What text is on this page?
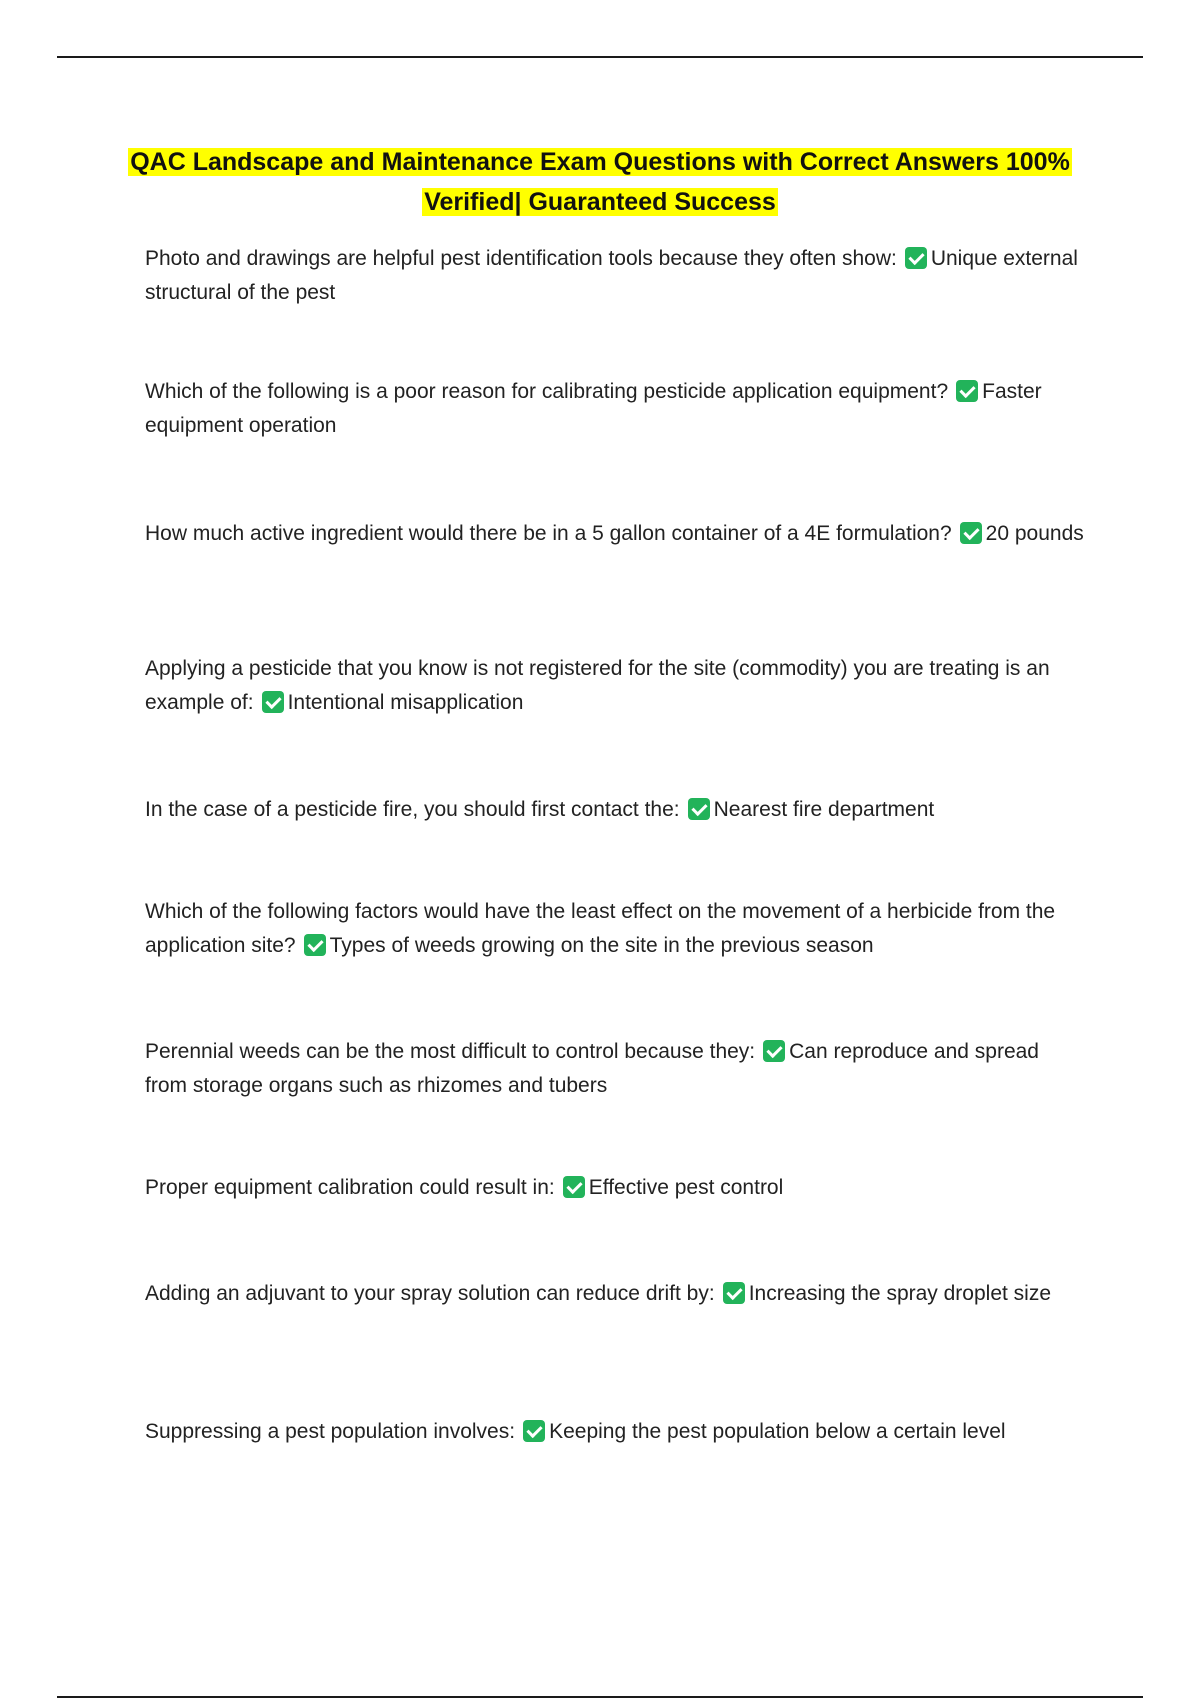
QAC Landscape and Maintenance Exam Questions with Correct Answers 100%
Verified| Guaranteed Success
Photo and drawings are helpful pest identification tools because they often show: Unique external structural of the pest
Which of the following is a poor reason for calibrating pesticide application equipment? Faster equipment operation
How much active ingredient would there be in a 5 gallon container of a 4E formulation? 20 pounds
Applying a pesticide that you know is not registered for the site (commodity) you are treating is an example of: Intentional misapplication
In the case of a pesticide fire, you should first contact the: Nearest fire department
Which of the following factors would have the least effect on the movement of a herbicide from the application site? Types of weeds growing on the site in the previous season
Perennial weeds can be the most difficult to control because they: Can reproduce and spread from storage organs such as rhizomes and tubers
Proper equipment calibration could result in: Effective pest control
Adding an adjuvant to your spray solution can reduce drift by: Increasing the spray droplet size
Suppressing a pest population involves: Keeping the pest population below a certain level
